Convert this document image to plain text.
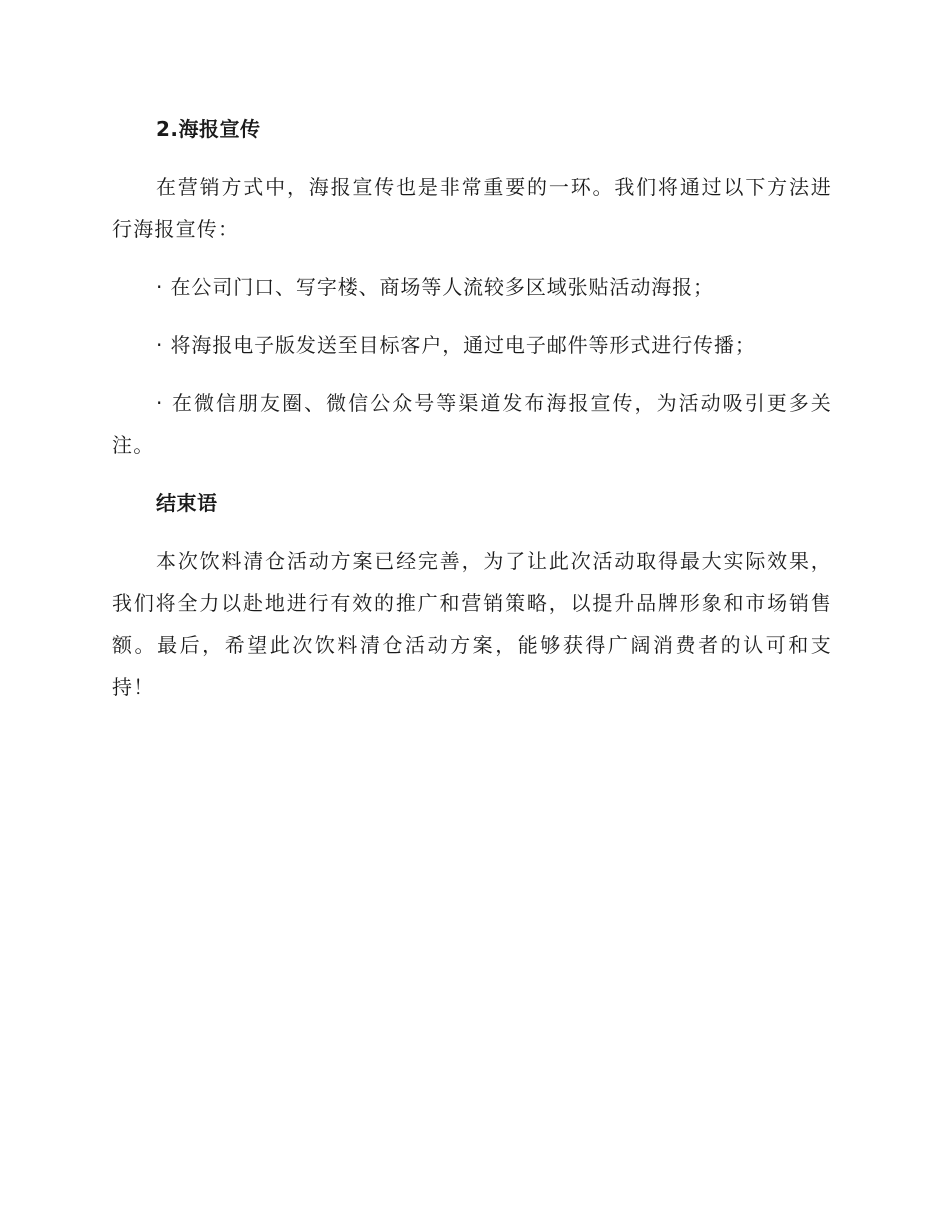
2.海报宣传

在营销方式中，海报宣传也是非常重要的一环。我们将通过以下方法进行海报宣传：

· 在公司门口、写字楼、商场等人流较多区域张贴活动海报；

· 将海报电子版发送至目标客户，通过电子邮件等形式进行传播；

· 在微信朋友圈、微信公众号等渠道发布海报宣传，为活动吸引更多关注。

结束语

本次饮料清仓活动方案已经完善，为了让此次活动取得最大实际效果，我们将全力以赴地进行有效的推广和营销策略，以提升品牌形象和市场销售额。最后，希望此次饮料清仓活动方案，能够获得广阔消费者的认可和支持！
